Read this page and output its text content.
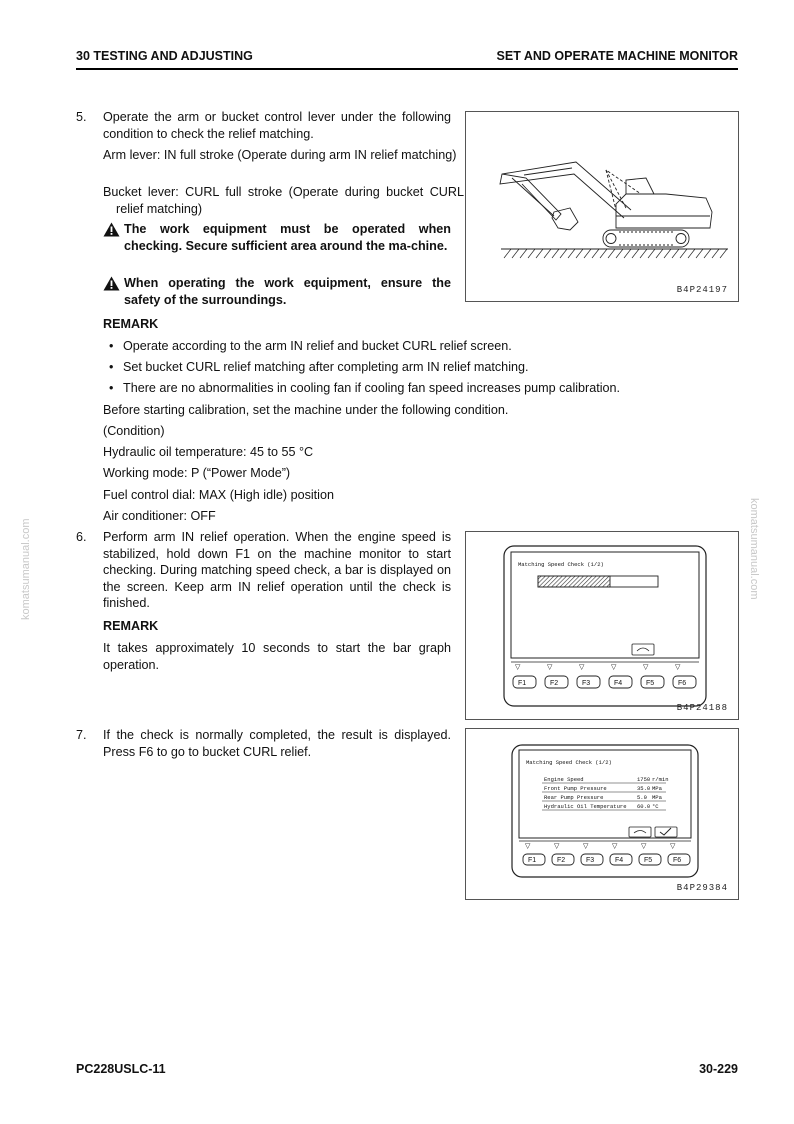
30 TESTING AND ADJUSTING	SET AND OPERATE MACHINE MONITOR
komatsumanual.com	komatsumanual.com
5. Operate the arm or bucket control lever under the following condition to check the relief matching.
Arm lever: IN full stroke (Operate during arm IN relief matching)
Bucket lever: CURL full stroke (Operate during bucket CURL relief matching)
The work equipment must be operated when checking. Secure sufficient area around the ma-chine.
When operating the work equipment, ensure the safety of the surroundings.
B4P24197
REMARK
• Operate according to the arm IN relief and bucket CURL relief screen.
• Set bucket CURL relief matching after completing arm IN relief matching.
• There are no abnormalities in cooling fan if cooling fan speed increases pump calibration.
Before starting calibration, set the machine under the following condition.
(Condition)
Hydraulic oil temperature: 45 to 55 °C
Working mode: P (“Power Mode”)
Fuel control dial: MAX (High idle) position
Air conditioner: OFF
6. Perform arm IN relief operation. When the engine speed is stabilized, hold down F1 on the machine monitor to start checking. During matching speed check, a bar is displayed on the screen. Keep arm IN relief operation until the check is finished.
REMARK
It takes approximately 10 seconds to start the bar graph operation.
Matching Speed Check (1/2)
▽
F1
▽
F2
▽
F3
▽
F4
▽
F5
▽
F6
B4P24188
7. If the check is normally completed, the result is displayed. Press F6 to go to bucket CURL relief.
Matching Speed Check (1/2)
Engine Speed	1750 r/min
Front Pump Pressure	35.0 MPa
Rear Pump Pressure	5.0 MPa
Hydraulic Oil Temperature 60.0 °C
▽
F1
▽
F2
▽
F3
▽
F4
▽
F5
▽
F6
B4P29384
PC228USLC-11	30-229
